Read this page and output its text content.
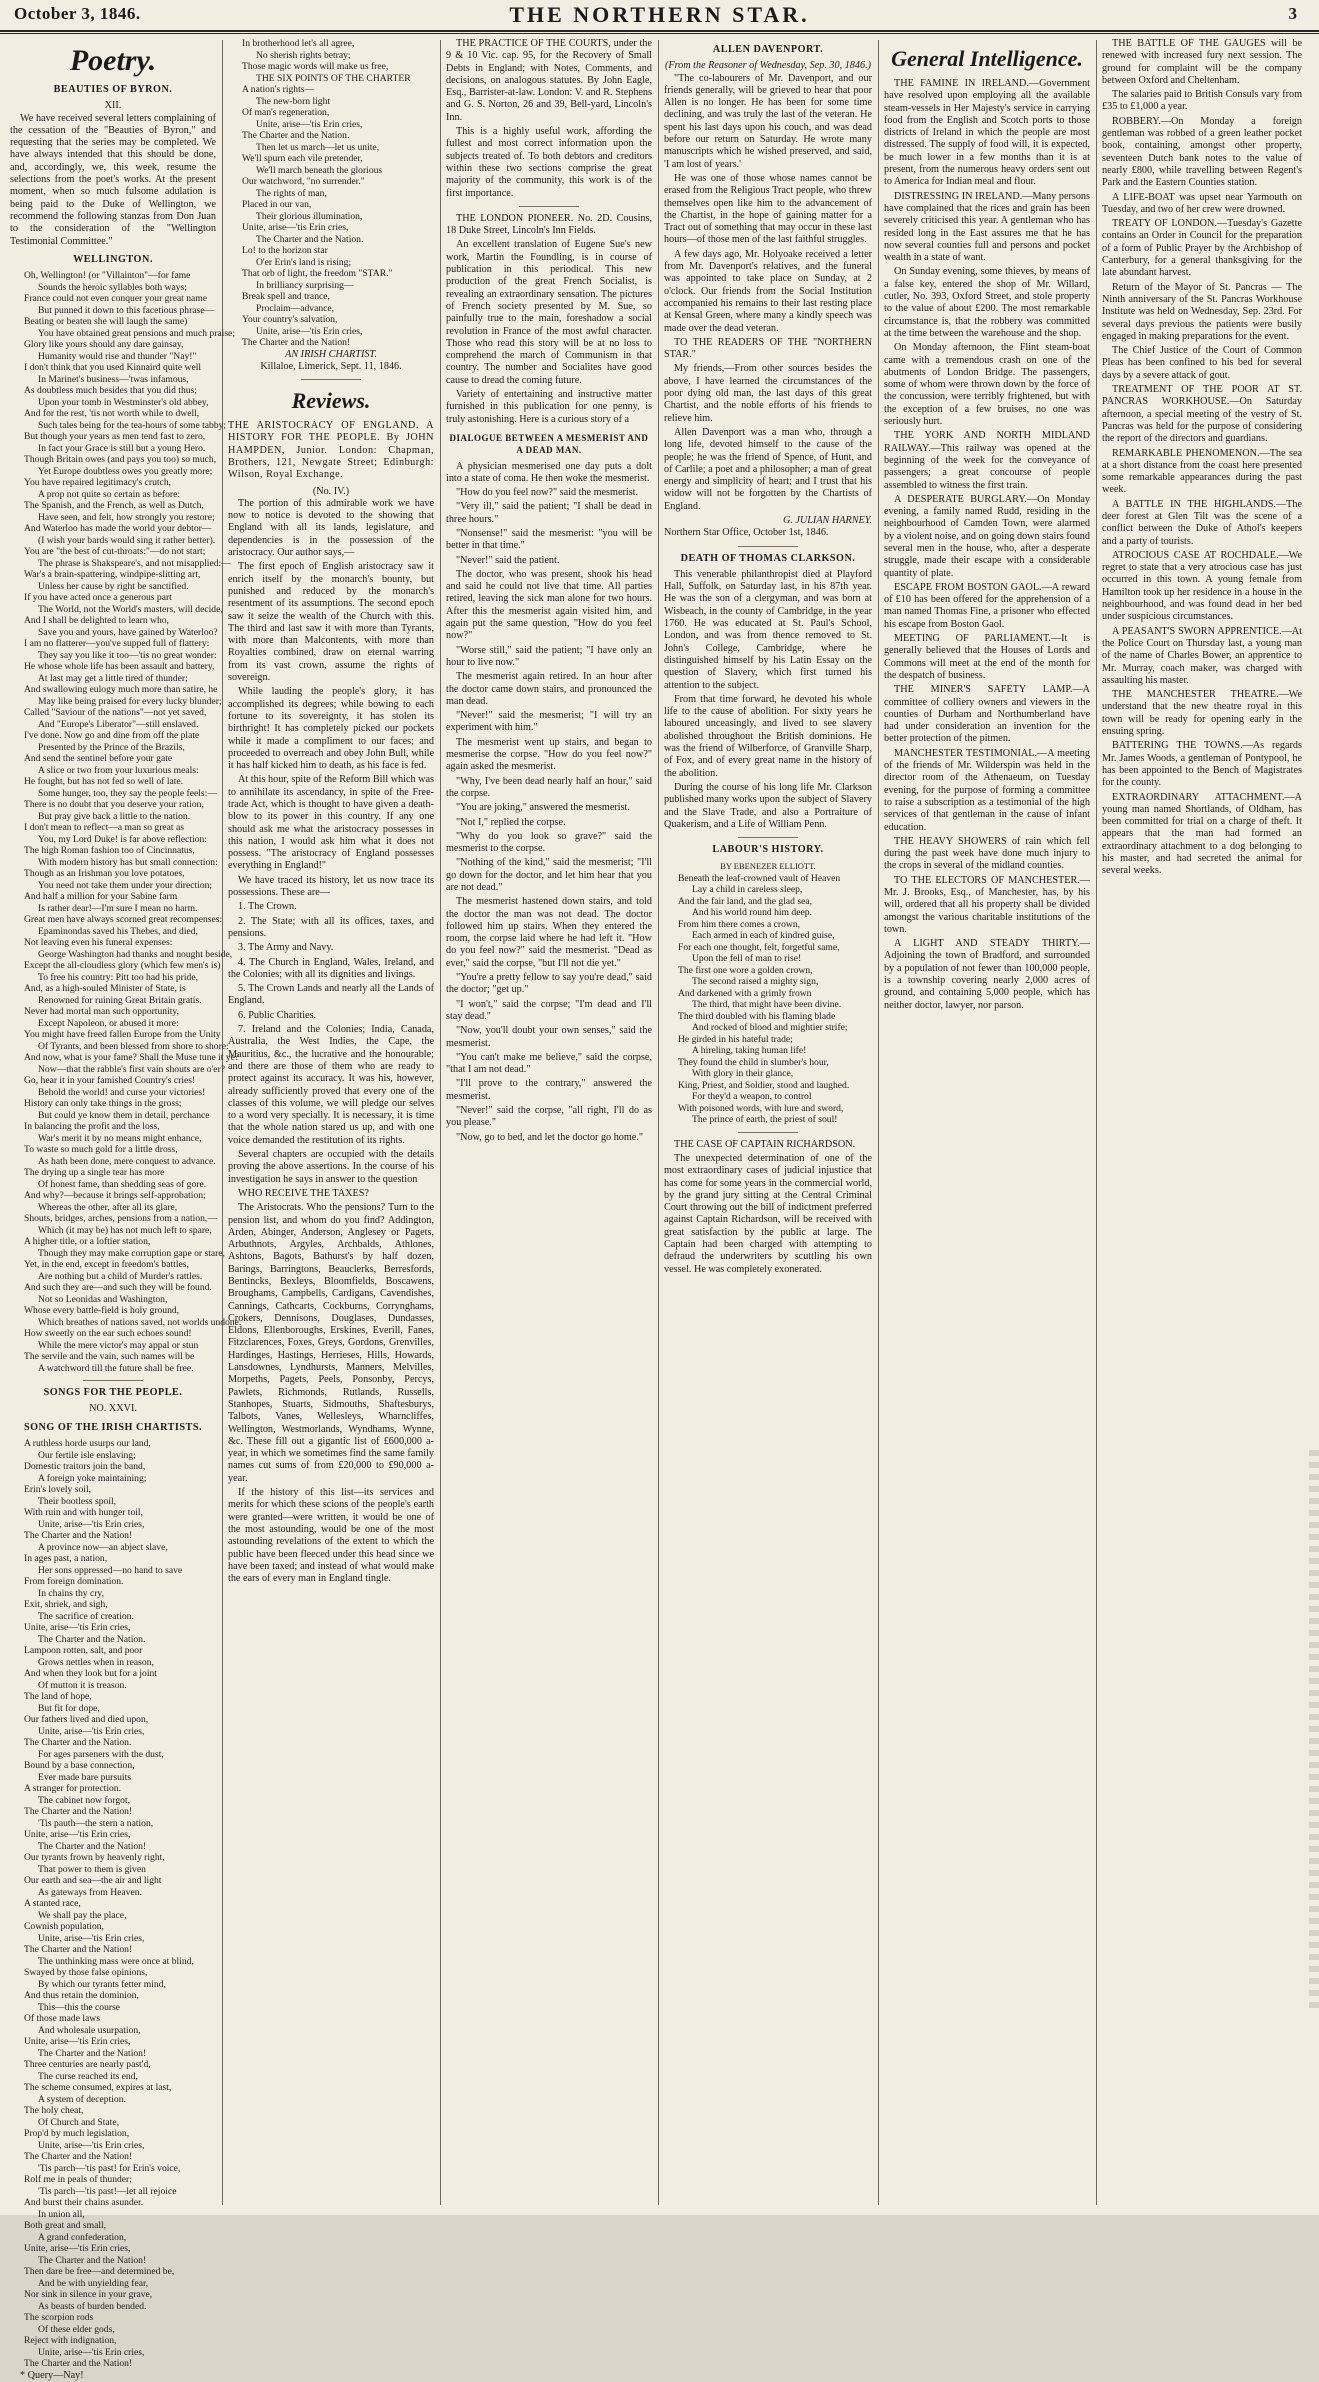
October 3, 1846.	THE NORTHERN STAR.	3
Poetry.
BEAUTIES OF BYRON.
XII.

We have received several letters complaining of the cessation of the "Beauties of Byron," and requesting that the series may be completed. We have always intended that this should be done, and, accordingly, we, this week, resume the selections from the poet's works. At the present moment, when so much fulsome adulation is being paid to the Duke of Wellington, we recommend the following stanzas from Don Juan to the consideration of the "Wellington Testimonial Committee."

WELLINGTON.
Oh, Wellington! (or "Villainton"—for fame
Sounds the heroic syllables both ways;
France could not even conquer your great name
But punned it down to this facetious phrase—
Beating or beaten she will laugh the same)
You have obtained great pensions and much praise;
Glory like yours should any dare gainsay,
Humanity would rise and thunder "Nay!"
I don't think that you used Kinnaird quite well
In Marinet's business—'twas infamous,
As doubtless much besides that you did thus;
Upon your tomb in Westminster's old abbey,
And for the rest, 'tis not worth while to dwell,
Such tales being for the tea-hours of some tabby;
But though your years as men tend fast to zero,
In fact your Grace is still but a young Hero.
Though Britain owes (and pays you too) so much,
Yet Europe doubtless owes you greatly more;
You have repaired legitimacy's crutch,
A prop not quite so certain as before:
The Spanish, and the French, as well as Dutch,
Have seen, and felt, how strongly you restore;
And Waterloo has made the world your debtor—
(I wish your bards would sing it rather better).
You are "the best of cut-throats:"—do not start;
The phrase is Shakspeare's, and not misapplied:—
War's a brain-spattering, windpipe-slitting art,
Unless her cause by right be sanctified.
If you have acted once a generous part
The World, not the World's masters, will decide,
And I shall be delighted to learn who,
Save you and yours, have gained by Waterloo?
I am no flatterer—you've supped full of flattery:
They say you like it too—'tis no great wonder:
He whose whole life has been assault and battery,
At last may get a little tired of thunder;
And swallowing eulogy much more than satire, he
May like being praised for every lucky blunder;
Called "Saviour of the nations"—not yet saved,
And "Europe's Liberator"—still enslaved.
I've done. Now go and dine from off the plate
Presented by the Prince of the Brazils,
And send the sentinel before your gate
A slice or two from your luxurious meals:
He fought, but has not fed so well of late.
Some hunger, too, they say the people feels:—
There is no doubt that you deserve your ration,
But pray give back a little to the nation.
I don't mean to reflect—a man so great as
You, my Lord Duke! is far above reflection:
The high Roman fashion too of Cincinnatus,
With modern history has but small connection:
Though as an Irishman you love potatoes,
You need not take them under your direction;
And half a million for your Sabine farm
Is rather dear!—I'm sure I mean no harm.
Great men have always scorned great recompenses:
Epaminondas saved his Thebes, and died,
Not leaving even his funeral expenses:
George Washington had thanks and nought beside,
Except the all-cloudless glory (which few men's is)
To free his country: Pitt too had his pride,
And, as a high-souled Minister of State, is
Renowned for ruining Great Britain gratis.
Never had mortal man such opportunity,
Except Napoleon, or abused it more:
You might have freed fallen Europe from the Unity
Of Tyrants, and been blessed from shore to shore:
And now, what is your fame? Shall the Muse tune it ye?
Now—that the rabble's first vain shouts are o'er?
Go, hear it in your famished Country's cries!
Behold the world! and curse your victories!
History can only take things in the gross;
But could ye know them in detail, perchance
In balancing the profit and the loss,
War's merit it by no means might enhance,
To waste so much gold for a little dross,
As hath been done, mere conquest to advance.
The drying up a single tear has more
Of honest fame, than shedding seas of gore.
And why?—because it brings self-approbation;
Whereas the other, after all its glare,
Shouts, bridges, arches, pensions from a nation,—
Which (it may be) has not much left to spare,
A higher title, or a loftier station,
Though they may make corruption gape or stare,
Yet, in the end, except in freedom's battles,
Are nothing but a child of Murder's rattles.
And such they are—and such they will be found.
Not so Leonidas and Washington,
Whose every battle-field is holy ground,
Which breathes of nations saved, not worlds undone.
How sweetly on the ear such echoes sound!
While the mere victor's may appal or stun
The servile and the vain, such names will be
A watchword till the future shall be free.
SONGS FOR THE PEOPLE.
NO. XXVI.
SONG OF THE IRISH CHARTISTS.
A ruthless horde usurps our land,
Our fertile isle enslaving;
Domestic traitors join the band,
A foreign yoke maintaining;
Erin's lovely soil,
Their bootless spoil,
With ruin and with hunger toil,
Unite, arise—'tis Erin cries,
The Charter and the Nation!
A province now—an abject slave,
In ages past, a nation,
Her sons oppressed—no hand to save
From foreign domination.
In chains thy cry,
Exit, shriek, and sigh,
The sacrifice of creation.
Unite, arise—'tis Erin cries,
The Charter and the Nation.
Lampoon rotten, salt, and poor
Grows nettles when in reason,
And when they look but for a joint
Of mutton it is treason.
The land of hope,
But fit for dope,
Our fathers lived and died upon,
Unite, arise—'tis Erin cries,
The Charter and the Nation.
For ages parseners with the dust,
Bound by a base connection,
Ever made bare pursuits
A stranger for protection.
The cabinet now forgot,
The Charter and the Nation!
'Tis pauth—the stern a nation,
Unite, arise—'tis Erin cries,
The Charter and the Nation!
Our tyrants frown by heavenly right,
That power to them is given
Our earth and sea—the air and light
As gateways from Heaven.
A stanted race,
We shall pay the place,
Cownish population,
Unite, arise—'tis Erin cries,
The Charter and the Nation!
The unthinking mass were once at blind,
Swayed by those false opinions,
By which our tyrants fetter mind,
And thus retain the dominion,
This—this the course
Of those made laws
And wholesale usurpation,
Unite, arise—'tis Erin cries,
The Charter and the Nation!
Three centuries are nearly past'd,
The curse reached its end,
The scheme consumed, expires at last,
A system of deception.
The holy cheat,
Of Church and State,
Prop'd by much legislation,
Unite, arise—'tis Erin cries,
The Charter and the Nation!
'Tis parch—'tis past! for Erin's voice,
Rolf me in peals of thunder;
'Tis parch—'tis past!—let all rejoice
And burst their chains asunder.
In union all,
Both great and small,
A grand confederation,
Unite, arise—'tis Erin cries,
The Charter and the Nation!
Then dare be free—and determined be,
And be with unyielding fear,
Nor sink in silence in your grave,
As beasts of burden bended.
The scorpion rods
Of these elder gods,
Reject with indignation,
Unite, arise—'tis Erin cries,
The Charter and the Nation!

* Query—Nay!

In brotherhood let's all agree,
No sherish rights betray;
Those magic words will make us free,
THE SIX POINTS OF THE CHARTER
A nation's rights—
The new-born light
Of man's regeneration,
Unite, arise—'tis Erin cries,
The Charter and the Nation.
Then let us march—let us unite,
We'll spurn each vile pretender,
We'll march beneath the glorious
Our watchword, "no surrender."
The rights of man,
Placed in our van,
Their glorious illumination,
Unite, arise—'tis Erin cries,
The Charter and the Nation.
Lo! to the horizon star
O'er Erin's land is rising;
That orb of light, the freedom "STAR."
In brilliancy surprising—
Break spell and trance,
Proclaim—advance,
Your country's salvation,
Unite, arise—'tis Erin cries,
The Charter and the Nation!
AN IRISH CHARTIST.
Killaloe, Limerick, Sept. 11, 1846.
Reviews.
THE ARISTOCRACY OF ENGLAND. A HISTORY FOR THE PEOPLE. By JOHN HAMPDEN, Junior. London: Chapman, Brothers, 121, Newgate Street; Edinburgh: Wilson, Royal Exchange.
(No. IV.)

The portion of this admirable work we have now to notice is devoted to the showing that England with all its lands, legislature, and dependencies is in the possession of the aristocracy. Our author says,—

The first epoch of English aristocracy saw it enrich itself by the monarch's bounty, but punished and reduced by the monarch's resentment of its assumptions. The second epoch saw it seize the wealth of the Church with this. The third and last saw it with more than Tyrants, with more than Malcontents, with more than Royalties combined, draw on eternal warring from its vast crown, assume the rights of sovereign.

While lauding the people's glory, it has accomplished its degrees; while bowing to each fortune to its sovereignty, it has stolen its birthright! It has completely picked our pockets while it made a compliment to our faces; and proceeded to overreach and obey John Bull, while it has half kicked him to death, as his face is fed.

At this hour, spite of the Reform Bill which was to annihilate its ascendancy, in spite of the Free-trade Act, which is thought to have given a death-blow to its power in this country. If any one should ask me what the aristocracy possesses in this nation, I would ask him what it does not possess. "The aristocracy of England possesses everything in England!"

We have traced its history, let us now trace its possessions. These are—

1. The Crown.

2. The State; with all its offices, taxes, and pensions.

3. The Army and Navy.

4. The Church in England, Wales, Ireland, and the Colonies; with all its dignities and livings.

5. The Crown Lands and nearly all the Lands of England.

6. Public Charities.

7. Ireland and the Colonies; India, Canada, Australia, the West Indies, the Cape, the Mauritius, &c., the lucrative and the honourable; and there are those of them who are ready to protect against its accuracy. It was his, however, already sufficiently proved that every one of the classes of this volume, we will pledge our selves to a word very specially. It is necessary, it is time that the whole nation stared us up, and with one voice demanded the restitution of its rights.

Several chapters are occupied with the details proving the above assertions. In the course of his investigation he says in answer to the question

WHO RECEIVE THE TAXES?

The Aristocrats. Who the pensions? Turn to the pension list, and whom do you find? Addington, Arden, Abinger, Anderson, Anglesey or Pagets, Arbuthnots, Argyles, Archbalds, Athlones, Ashtons, Bagots, Bathurst's by half dozen, Barings, Barringtons, Beauclerks, Berresfords, Bentincks, Bexleys, Bloomfields, Boscawens, Broughams, Campbells, Cardigans, Cavendishes, Cannings, Cathcarts, Cockburns, Corrynghams, Crokers, Dennisons, Douglases, Dundasses, Eldons, Ellenboroughs, Erskines, Everill, Fanes, Fitzclarences, Foxes, Greys, Gordons, Grenvilles, Hardinges, Hastings, Herrieses, Hills, Howards, Lansdownes, Lyndhursts, Manners, Melvilles, Morpeths, Pagets, Peels, Ponsonby, Percys, Pawlets, Richmonds, Rutlands, Russells, Stanhopes, Stuarts, Sidmouths, Shaftesburys, Talbots, Vanes, Wellesleys, Wharncliffes, Wellington, Westmorlands, Wyndhams, Wynne, &c. These fill out a gigantic list of £600,000 a-year, in which we sometimes find the same family names cut sums of from £20,000 to £90,000 a-year.

If the history of this list—its services and merits for which these scions of the people's earth were granted—were written, it would be one of the most astounding, would be one of the most astounding revelations of the extent to which the public have been fleeced under this head since we have been taxed; and instead of what would make the ears of every man in England tingle.

THE PRACTICE OF THE COURTS, under the 9 & 10 Vic. cap. 95, for the Recovery of Small Debts in England; with Notes, Comments, and decisions, on analogous statutes. By John Eagle, Esq., Barrister-at-law. London: V. and R. Stephens and G. S. Norton, 26 and 39, Bell-yard, Lincoln's Inn.

This is a highly useful work, affording the fullest and most correct information upon the subjects treated of. To both debtors and creditors within these two sections comprise the great majority of the community, this work is of the first importance.

THE LONDON PIONEER. No. 2D. Cousins, 18 Duke Street, Lincoln's Inn Fields.

An excellent translation of Eugene Sue's new work, Martin the Foundling, is in course of publication in this periodical. This new production of the great French Socialist, is revealing an extraordinary sensation. The pictures of French society presented by M. Sue, so painfully true to the main, foreshadow a social revolution in France of the most awful character. Those who read this story will be at no loss to comprehend the march of Communism in that country. The number and Socialites have good cause to dread the coming future.

Variety of entertaining and instructive matter furnished in this publication for one penny, is truly astonishing. Here is a curious story of a

DIALOGUE BETWEEN A MESMERIST AND A DEAD MAN.

A physician mesmerised one day puts a dolt into a state of coma. He then woke the mesmerist.

"How do you feel now?" said the mesmerist.

"Very ill," said the patient; "I shall be dead in three hours."

"Nonsense!" said the mesmerist: "you will be better in that time."

"Never!" said the patient.

The doctor, who was present, shook his head and said he could not live that time. All parties retired, leaving the sick man alone for two hours. After this the mesmerist again visited him, and again put the same question, "How do you feel now?"

"Worse still," said the patient; "I have only an hour to live now."

The mesmerist again retired. In an hour after the doctor came down stairs, and pronounced the man dead.

"Never!" said the mesmerist; "I will try an experiment with him."

The mesmerist went up stairs, and began to mesmerise the corpse. "How do you feel now?" again asked the mesmerist.

"Why, I've been dead nearly half an hour," said the corpse.

"You are joking," answered the mesmerist.

"Not I," replied the corpse.

"Why do you look so grave?" said the mesmerist to the corpse.

"Nothing of the kind," said the mesmerist; "I'll go down for the doctor, and let him hear that you are not dead."

The mesmerist hastened down stairs, and told the doctor the man was not dead. The doctor followed him up stairs. When they entered the room, the corpse laid where he had left it. "How do you feel now?" said the mesmerist. "Dead as ever," said the corpse, "but I'll not die yet."

"You're a pretty fellow to say you're dead," said the doctor; "get up."

"I won't," said the corpse; "I'm dead and I'll stay dead."

"Now, you'll doubt your own senses," said the mesmerist.

"You can't make me believe," said the corpse, "that I am not dead."

"I'll prove to the contrary," answered the mesmerist.

"Never!" said the corpse, "all right, I'll do as you please."

"Now, go to bed, and let the doctor go home."

ALLEN DAVENPORT.
(From the Reasoner of Wednesday, Sep. 30, 1846.)

"The co-labourers of Mr. Davenport, and our friends generally, will be grieved to hear that poor Allen is no longer. He has been for some time declining, and was truly the last of the veteran. He spent his last days upon his couch, and was dead before our return on Saturday. He wrote many manuscripts which he wished preserved, and said, 'I am lost of years.'

He was one of those whose names cannot be erased from the Religious Tract people, who threw themselves open like him to the advancement of the Chartist, in the hope of gaining matter for a Tract out of something that may occur in these last hours—of those men of the last faithful struggles.

A few days ago, Mr. Holyoake received a letter from Mr. Davenport's relatives, and the funeral was appointed to take place on Sunday, at 2 o'clock. Our friends from the Social Institution accompanied his remains to their last resting place at Kensal Green, where many a kindly speech was made over the dead veteran.

TO THE READERS OF THE "NORTHERN STAR."

My friends,—From other sources besides the above, I have learned the circumstances of the poor dying old man, the last days of this great Chartist, and the noble efforts of his friends to relieve him.

Allen Davenport was a man who, through a long life, devoted himself to the cause of the people; he was the friend of Spence, of Hunt, and of Carlile; a poet and a philosopher; a man of great energy and simplicity of heart; and I trust that his widow will not be forgotten by the Chartists of England.

G. JULIAN HARNEY.
Northern Star Office, October 1st, 1846.
DEATH OF THOMAS CLARKSON.

This venerable philanthropist died at Playford Hall, Suffolk, on Saturday last, in his 87th year. He was the son of a clergyman, and was born at Wisbeach, in the county of Cambridge, in the year 1760. He was educated at St. Paul's School, London, and was from thence removed to St. John's College, Cambridge, where he distinguished himself by his Latin Essay on the question of Slavery, which first turned his attention to the subject.

From that time forward, he devoted his whole life to the cause of abolition. For sixty years he laboured unceasingly, and lived to see slavery abolished throughout the British dominions. He was the friend of Wilberforce, of Granville Sharp, of Fox, and of every great name in the history of the abolition.

During the course of his long life Mr. Clarkson published many works upon the subject of Slavery and the Slave Trade, and also a Portraiture of Quakerism, and a Life of William Penn.

LABOUR'S HISTORY.
BY EBENEZER ELLIOTT.
Beneath the leaf-crowned vault of Heaven
Lay a child in careless sleep,
And the fair land, and the glad sea,
And his world round him deep.
From him there comes a crown,
Each armed in each of kindred guise,
For each one thought, felt, forgetful same,
Upon the fell of man to rise!
The first one wore a golden crown,
The second raised a mighty sign,
And darkened with a grimly frown
The third, that might have been divine.
The third doubled with his flaming blade
And rocked of blood and mightier strife;
He girded in his hateful trade;
A hireling, taking human life!
They found the child in slumber's hour,
With glory in their glance,
King, Priest, and Soldier, stood and laughed.
For they'd a weapon, to control
With poisoned words, with lure and sword,
The prince of earth, the priest of soul!

THE CASE OF CAPTAIN RICHARDSON.

The unexpected determination of one of the most extraordinary cases of judicial injustice that has come for some years in the commercial world, by the grand jury sitting at the Central Criminal Court throwing out the bill of indictment preferred against Captain Richardson, will be received with great satisfaction by the public at large. The Captain had been charged with attempting to defraud the underwriters by scuttling his own vessel. He was completely exonerated.

General Intelligence.

THE FAMINE IN IRELAND.—Government have resolved upon employing all the available steam-vessels in Her Majesty's service in carrying food from the English and Scotch ports to those districts of Ireland in which the people are most distressed. The supply of food will, it is expected, be much lower in a few months than it is at present, from the numerous heavy orders sent out to America for Indian meal and flour.

DISTRESSING IN IRELAND.—Many persons have complained that the rices and grain has been severely criticised this year. A gentleman who has resided long in the East assures me that he has now several counties full and persons and pocket wealth in a state of want.

On Sunday evening, some thieves, by means of a false key, entered the shop of Mr. Willard, cutler, No. 393, Oxford Street, and stole property to the value of about £200. The most remarkable circumstance is, that the robbery was committed at the time between the warehouse and the shop.

On Monday afternoon, the Flint steam-boat came with a tremendous crash on one of the abutments of London Bridge. The passengers, some of whom were thrown down by the force of the concussion, were terribly frightened, but with the exception of a few bruises, no one was seriously hurt.

THE YORK AND NORTH MIDLAND RAILWAY.—This railway was opened at the beginning of the week for the conveyance of passengers; a great concourse of people assembled to witness the first train.

A DESPERATE BURGLARY.—On Monday evening, a family named Rudd, residing in the neighbourhood of Camden Town, were alarmed by a violent noise, and on going down stairs found several men in the house, who, after a desperate struggle, made their escape with a considerable quantity of plate.

ESCAPE FROM BOSTON GAOL.—A reward of £10 has been offered for the apprehension of a man named Thomas Fine, a prisoner who effected his escape from Boston Gaol.

MEETING OF PARLIAMENT.—It is generally believed that the Houses of Lords and Commons will meet at the end of the month for the despatch of business.

THE MINER'S SAFETY LAMP.—A committee of colliery owners and viewers in the counties of Durham and Northumberland have had under consideration an invention for the better protection of the pitmen.

MANCHESTER TESTIMONIAL.—A meeting of the friends of Mr. Wilderspin was held in the director room of the Athenaeum, on Tuesday evening, for the purpose of forming a committee to raise a subscription as a testimonial of the high services of that gentleman in the cause of infant education.

THE HEAVY SHOWERS of rain which fell during the past week have done much injury to the crops in several of the midland counties.

TO THE ELECTORS OF MANCHESTER.—Mr. J. Brooks, Esq., of Manchester, has, by his will, ordered that all his property shall be divided amongst the various charitable institutions of the town.

A LIGHT AND STEADY THIRTY.—Adjoining the town of Bradford, and surrounded by a population of not fewer than 100,000 people, is a township covering nearly 2,000 acres of ground, and containing 5,000 people, which has neither doctor, lawyer, nor parson.

THE BATTLE OF THE GAUGES will be renewed with increased fury next session. The ground for complaint will be the company between Oxford and Cheltenham.

The salaries paid to British Consuls vary from £35 to £1,000 a year.

ROBBERY.—On Monday a foreign gentleman was robbed of a green leather pocket book, containing, amongst other property, seventeen Dutch bank notes to the value of nearly £800, while travelling between Regent's Park and the Eastern Counties station.

A LIFE-BOAT was upset near Yarmouth on Tuesday, and two of her crew were drowned.

TREATY OF LONDON.—Tuesday's Gazette contains an Order in Council for the preparation of a form of Public Prayer by the Archbishop of Canterbury, for a general thanksgiving for the late abundant harvest.

Return of the Mayor of St. Pancras — The Ninth anniversary of the St. Pancras Workhouse Institute was held on Wednesday, Sep. 23rd. For several days previous the patients were busily engaged in making preparations for the event.

The Chief Justice of the Court of Common Pleas has been confined to his bed for several days by a severe attack of gout.

TREATMENT OF THE POOR AT ST. PANCRAS WORKHOUSE.—On Saturday afternoon, a special meeting of the vestry of St. Pancras was held for the purpose of considering the report of the directors and guardians.

REMARKABLE PHENOMENON.—The sea at a short distance from the coast here presented some remarkable appearances during the past week.

A BATTLE IN THE HIGHLANDS.—The deer forest at Glen Tilt was the scene of a conflict between the Duke of Athol's keepers and a party of tourists.

ATROCIOUS CASE AT ROCHDALE.—We regret to state that a very atrocious case has just occurred in this town. A young female from Hamilton took up her residence in a house in the neighbourhood, and was found dead in her bed under suspicious circumstances.

A PEASANT'S SWORN APPRENTICE.—At the Police Court on Thursday last, a young man of the name of Charles Bower, an apprentice to Mr. Murray, coach maker, was charged with assaulting his master.

THE MANCHESTER THEATRE.—We understand that the new theatre royal in this town will be ready for opening early in the ensuing spring.

BATTERING THE TOWNS.—As regards Mr. James Woods, a gentleman of Pontypool, he has been appointed to the Bench of Magistrates for the county.

EXTRAORDINARY ATTACHMENT.—A young man named Shortlands, of Oldham, has been committed for trial on a charge of theft. It appears that the man had formed an extraordinary attachment to a dog belonging to his master, and had secreted the animal for several weeks.
